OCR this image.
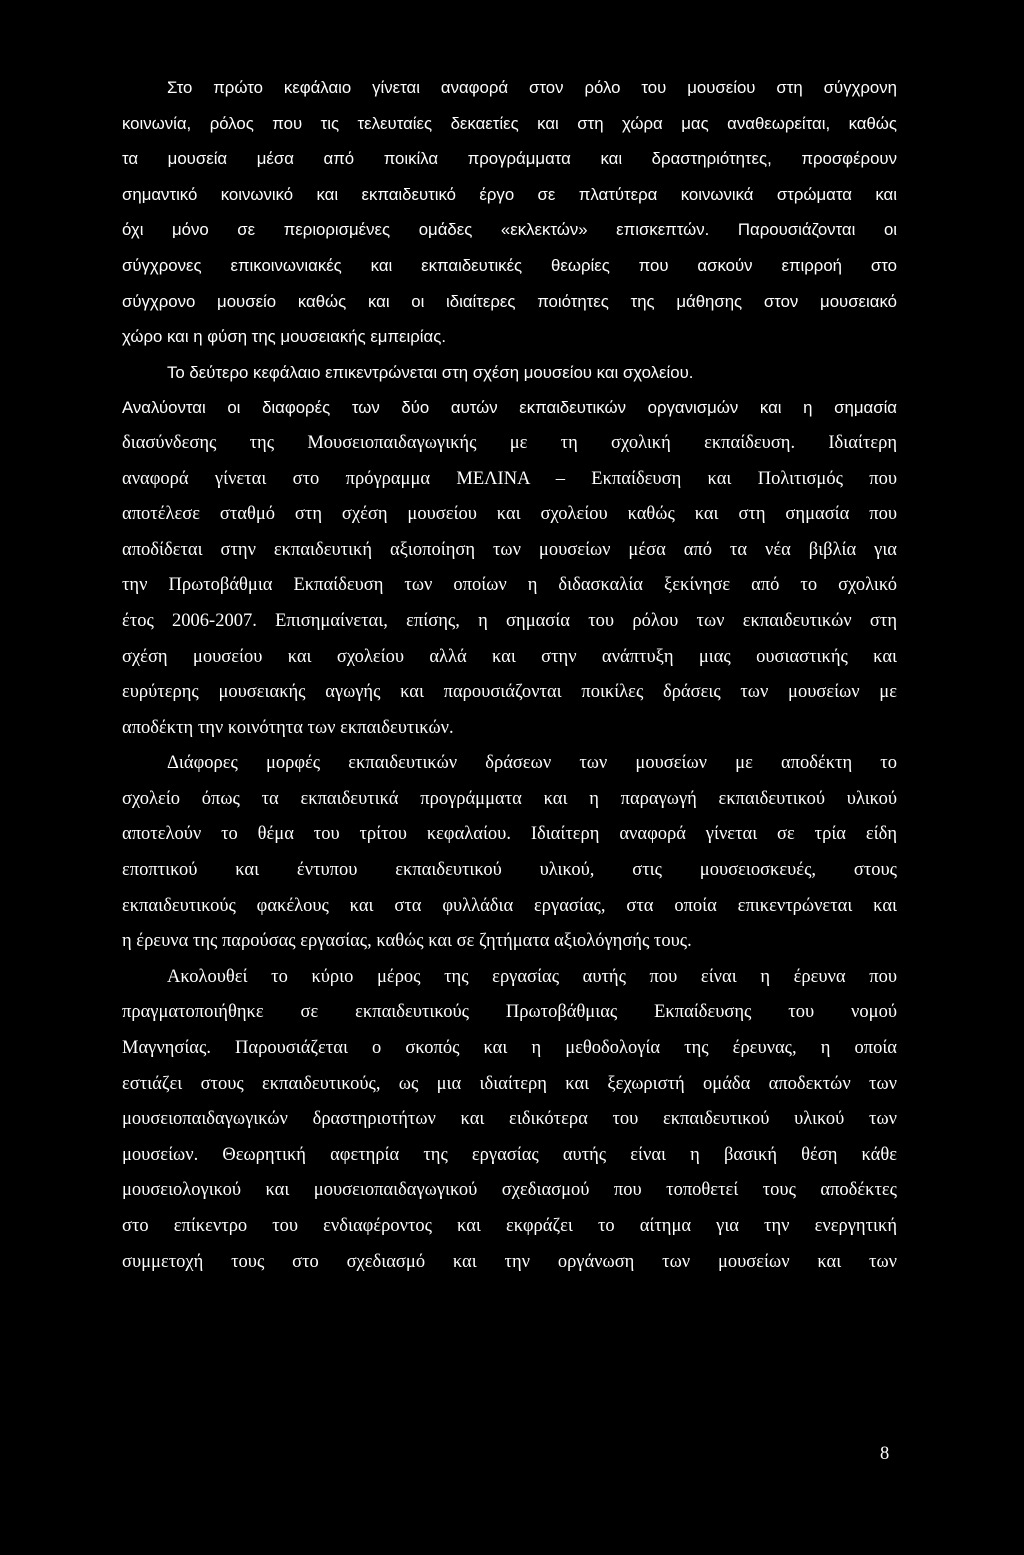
Στο πρώτο κεφάλαιο γίνεται αναφορά στον ρόλο του μουσείου στη σύγχρονη
κοινωνία, ρόλος που τις τελευταίες δεκαετίες και στη χώρα μας αναθεωρείται, καθώς
τα μουσεία μέσα από ποικίλα προγράμματα και δραστηριότητες, προσφέρουν
σημαντικό κοινωνικό και εκπαιδευτικό έργο σε πλατύτερα κοινωνικά στρώματα και
όχι μόνο σε περιορισμένες ομάδες «εκλεκτών» επισκεπτών. Παρουσιάζονται οι
σύγχρονες επικοινωνιακές και εκπαιδευτικές θεωρίες που ασκούν επιρροή στο
σύγχρονο μουσείο καθώς και οι ιδιαίτερες ποιότητες της μάθησης στον μουσειακό
χώρο και η φύση της μουσειακής εμπειρίας.
Το δεύτερο κεφάλαιο επικεντρώνεται στη σχέση μουσείου και σχολείου.
Αναλύονται οι διαφορές των δύο αυτών εκπαιδευτικών οργανισμών και η σημασία
διασύνδεσης της Μουσειοπαιδαγωγικής με τη σχολική εκπαίδευση. Ιδιαίτερη
αναφορά γίνεται στο πρόγραμμα ΜΕΛΙΝΑ – Εκπαίδευση και Πολιτισμός που
αποτέλεσε σταθμό στη σχέση μουσείου και σχολείου καθώς και στη σημασία που
αποδίδεται στην εκπαιδευτική αξιοποίηση των μουσείων μέσα από τα νέα βιβλία για
την Πρωτοβάθμια Εκπαίδευση των οποίων η διδασκαλία ξεκίνησε από το σχολικό
έτος 2006-2007. Επισημαίνεται, επίσης, η σημασία του ρόλου των εκπαιδευτικών στη
σχέση μουσείου και σχολείου αλλά και στην ανάπτυξη μιας ουσιαστικής και
ευρύτερης μουσειακής αγωγής και παρουσιάζονται ποικίλες δράσεις των μουσείων με
αποδέκτη την κοινότητα των εκπαιδευτικών.
Διάφορες μορφές εκπαιδευτικών δράσεων των μουσείων με αποδέκτη το
σχολείο όπως τα εκπαιδευτικά προγράμματα και η παραγωγή εκπαιδευτικού υλικού
αποτελούν το θέμα του τρίτου κεφαλαίου. Ιδιαίτερη αναφορά γίνεται σε τρία είδη
εποπτικού και έντυπου εκπαιδευτικού υλικού, στις μουσειοσκευές, στους
εκπαιδευτικούς φακέλους και στα φυλλάδια εργασίας, στα οποία επικεντρώνεται και
η έρευνα της παρούσας εργασίας, καθώς και σε ζητήματα αξιολόγησής τους.
Ακολουθεί το κύριο μέρος της εργασίας αυτής που είναι η έρευνα που
πραγματοποιήθηκε σε εκπαιδευτικούς Πρωτοβάθμιας Εκπαίδευσης του νομού
Μαγνησίας. Παρουσιάζεται ο σκοπός και η μεθοδολογία της έρευνας, η οποία
εστιάζει στους εκπαιδευτικούς, ως μια ιδιαίτερη και ξεχωριστή ομάδα αποδεκτών των
μουσειοπαιδαγωγικών δραστηριοτήτων και ειδικότερα του εκπαιδευτικού υλικού των
μουσείων. Θεωρητική αφετηρία της εργασίας αυτής είναι η βασική θέση κάθε
μουσειολογικού και μουσειοπαιδαγωγικού σχεδιασμού που τοποθετεί τους αποδέκτες
στο επίκεντρο του ενδιαφέροντος και εκφράζει το αίτημα για την ενεργητική
συμμετοχή τους στο σχεδιασμό και την οργάνωση των μουσείων και των
8
